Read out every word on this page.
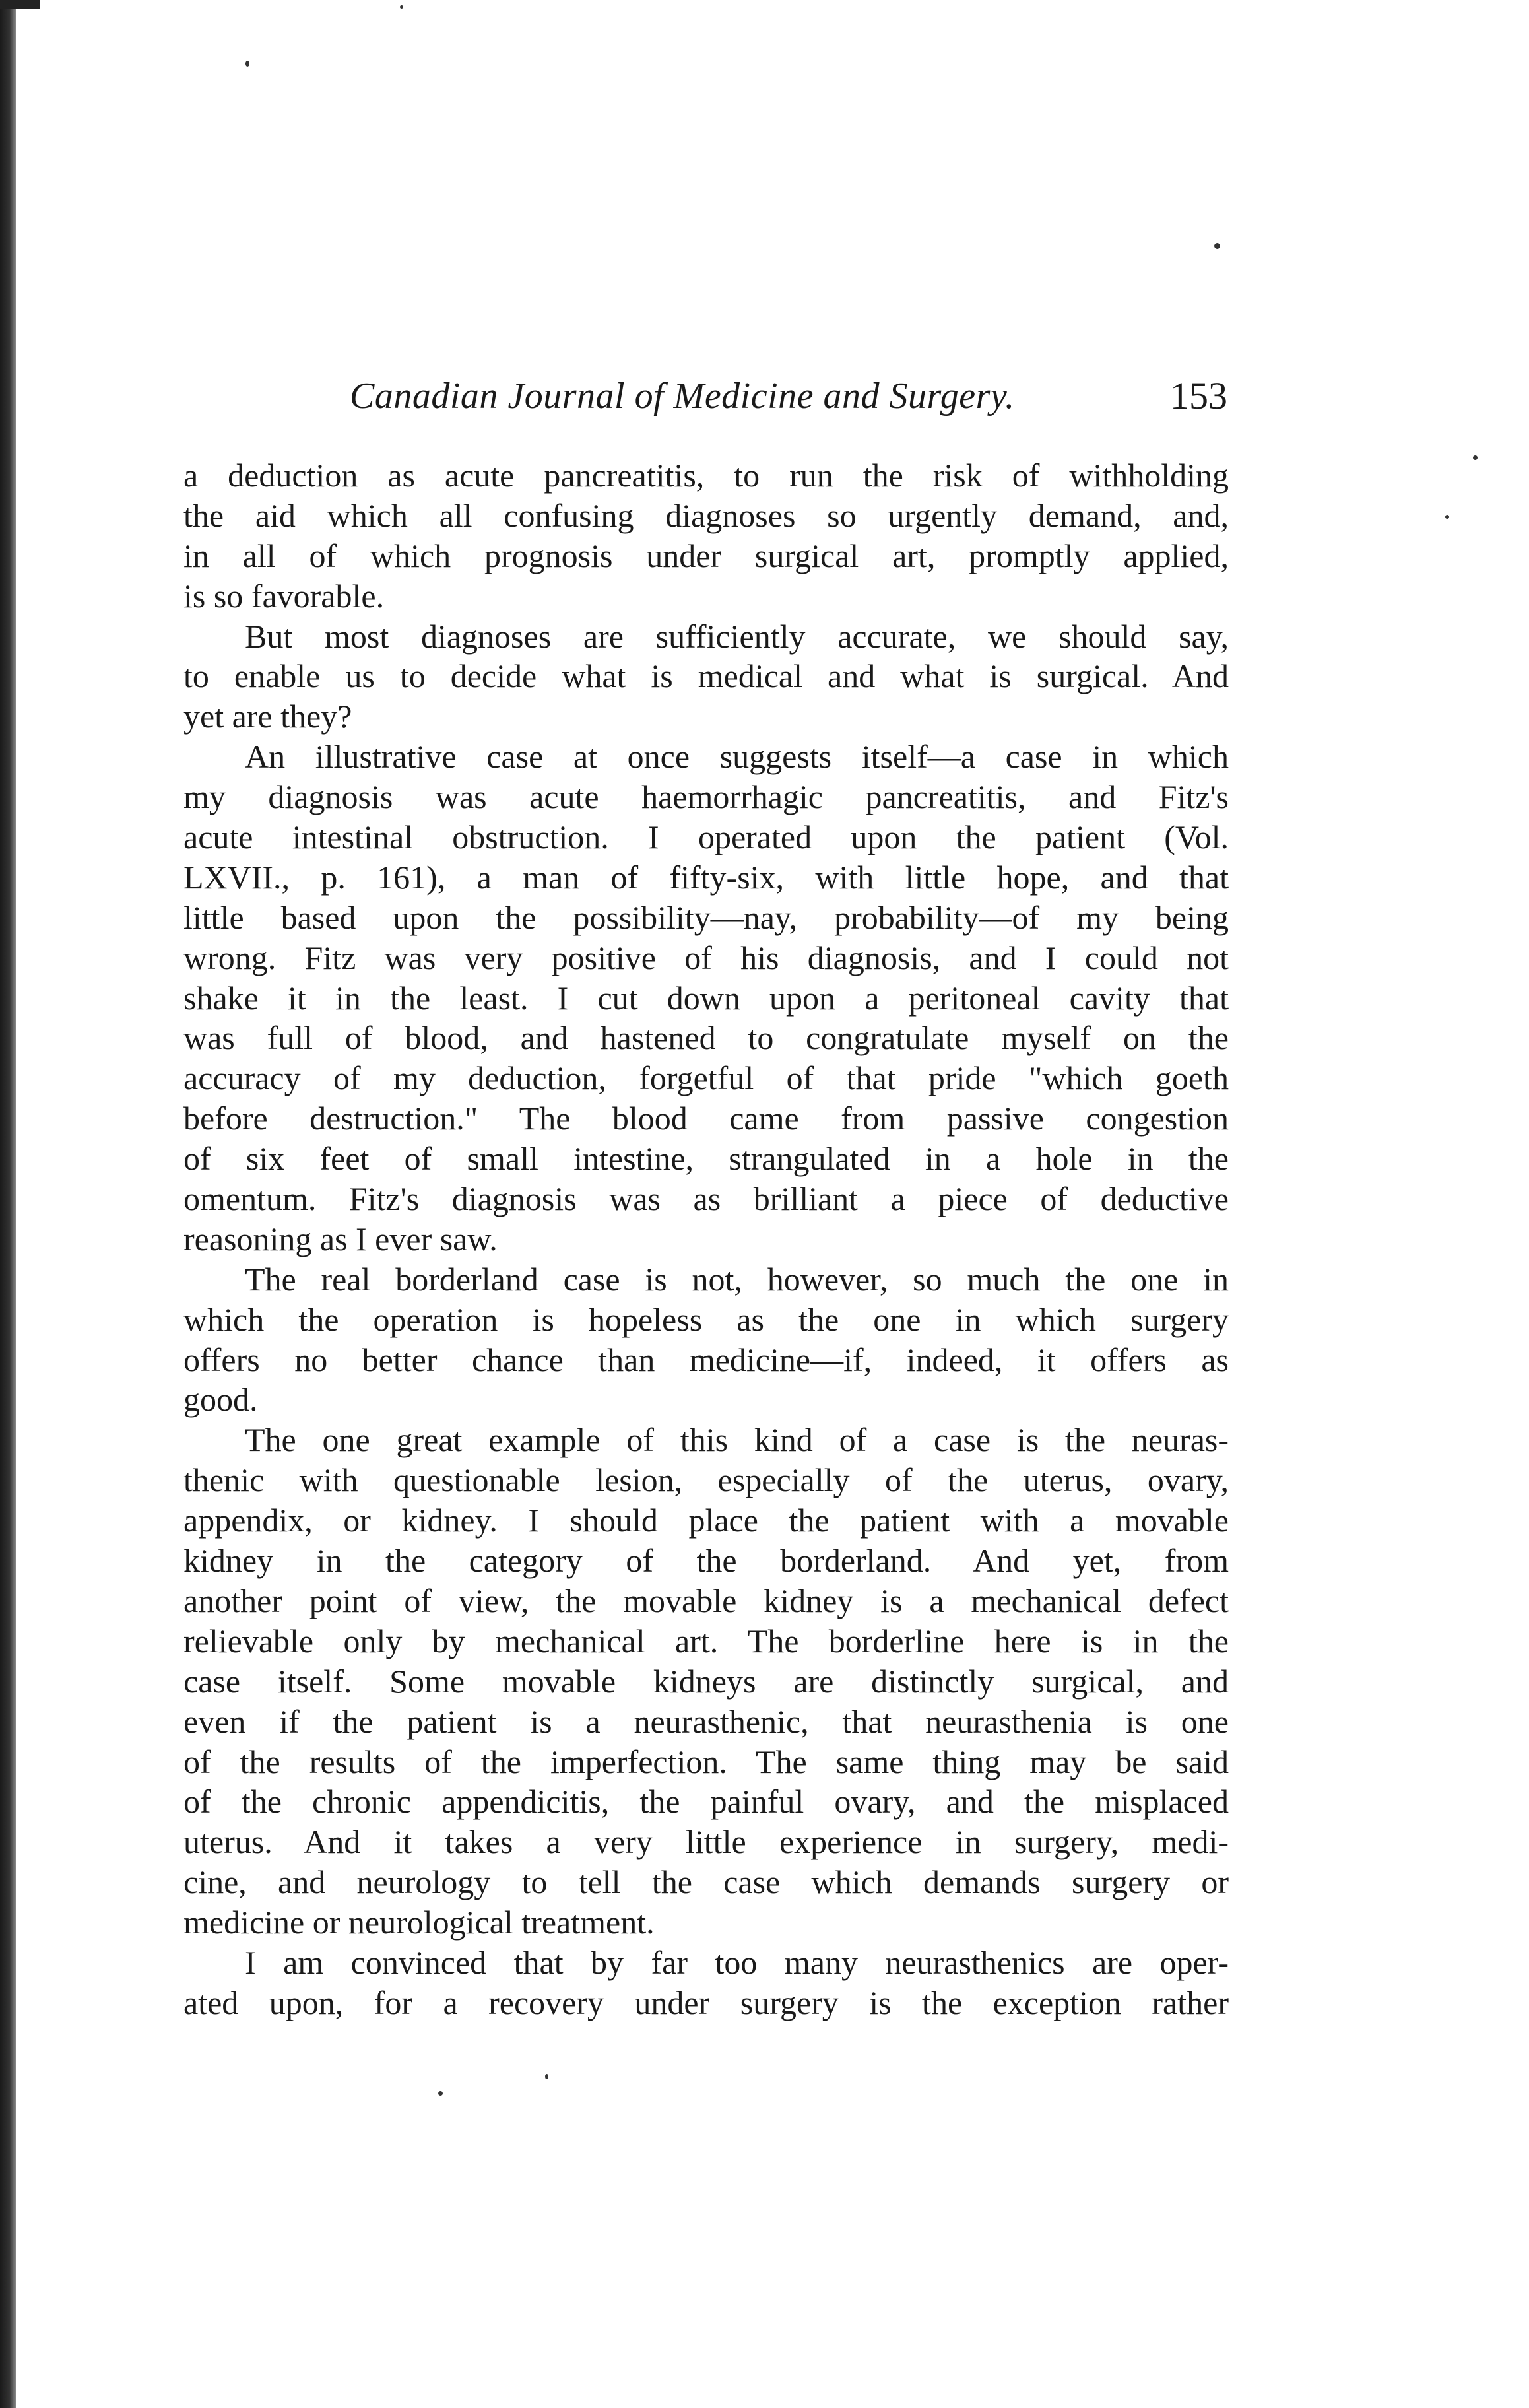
Canadian Journal of Medicine and Surgery.	153
a deduction as acute pancreatitis, to run the risk of withholding
the aid which all confusing diagnoses so urgently demand, and,
in all of which prognosis under surgical art, promptly applied,
is so favorable.
But most diagnoses are sufficiently accurate, we should say,
to enable us to decide what is medical and what is surgical. And
yet are they?
An illustrative case at once suggests itself—a case in which
my diagnosis was acute haemorrhagic pancreatitis, and Fitz's
acute intestinal obstruction. I operated upon the patient (Vol.
LXVII., p. 161), a man of fifty-six, with little hope, and that
little based upon the possibility—nay, probability—of my being
wrong. Fitz was very positive of his diagnosis, and I could not
shake it in the least. I cut down upon a peritoneal cavity that
was full of blood, and hastened to congratulate myself on the
accuracy of my deduction, forgetful of that pride "which goeth
before destruction." The blood came from passive congestion
of six feet of small intestine, strangulated in a hole in the
omentum. Fitz's diagnosis was as brilliant a piece of deductive
reasoning as I ever saw.
The real borderland case is not, however, so much the one in
which the operation is hopeless as the one in which surgery
offers no better chance than medicine—if, indeed, it offers as
good.
The one great example of this kind of a case is the neuras-
thenic with questionable lesion, especially of the uterus, ovary,
appendix, or kidney. I should place the patient with a movable
kidney in the category of the borderland. And yet, from
another point of view, the movable kidney is a mechanical defect
relievable only by mechanical art. The borderline here is in the
case itself. Some movable kidneys are distinctly surgical, and
even if the patient is a neurasthenic, that neurasthenia is one
of the results of the imperfection. The same thing may be said
of the chronic appendicitis, the painful ovary, and the misplaced
uterus. And it takes a very little experience in surgery, medi-
cine, and neurology to tell the case which demands surgery or
medicine or neurological treatment.
I am convinced that by far too many neurasthenics are oper-
ated upon, for a recovery under surgery is the exception rather
